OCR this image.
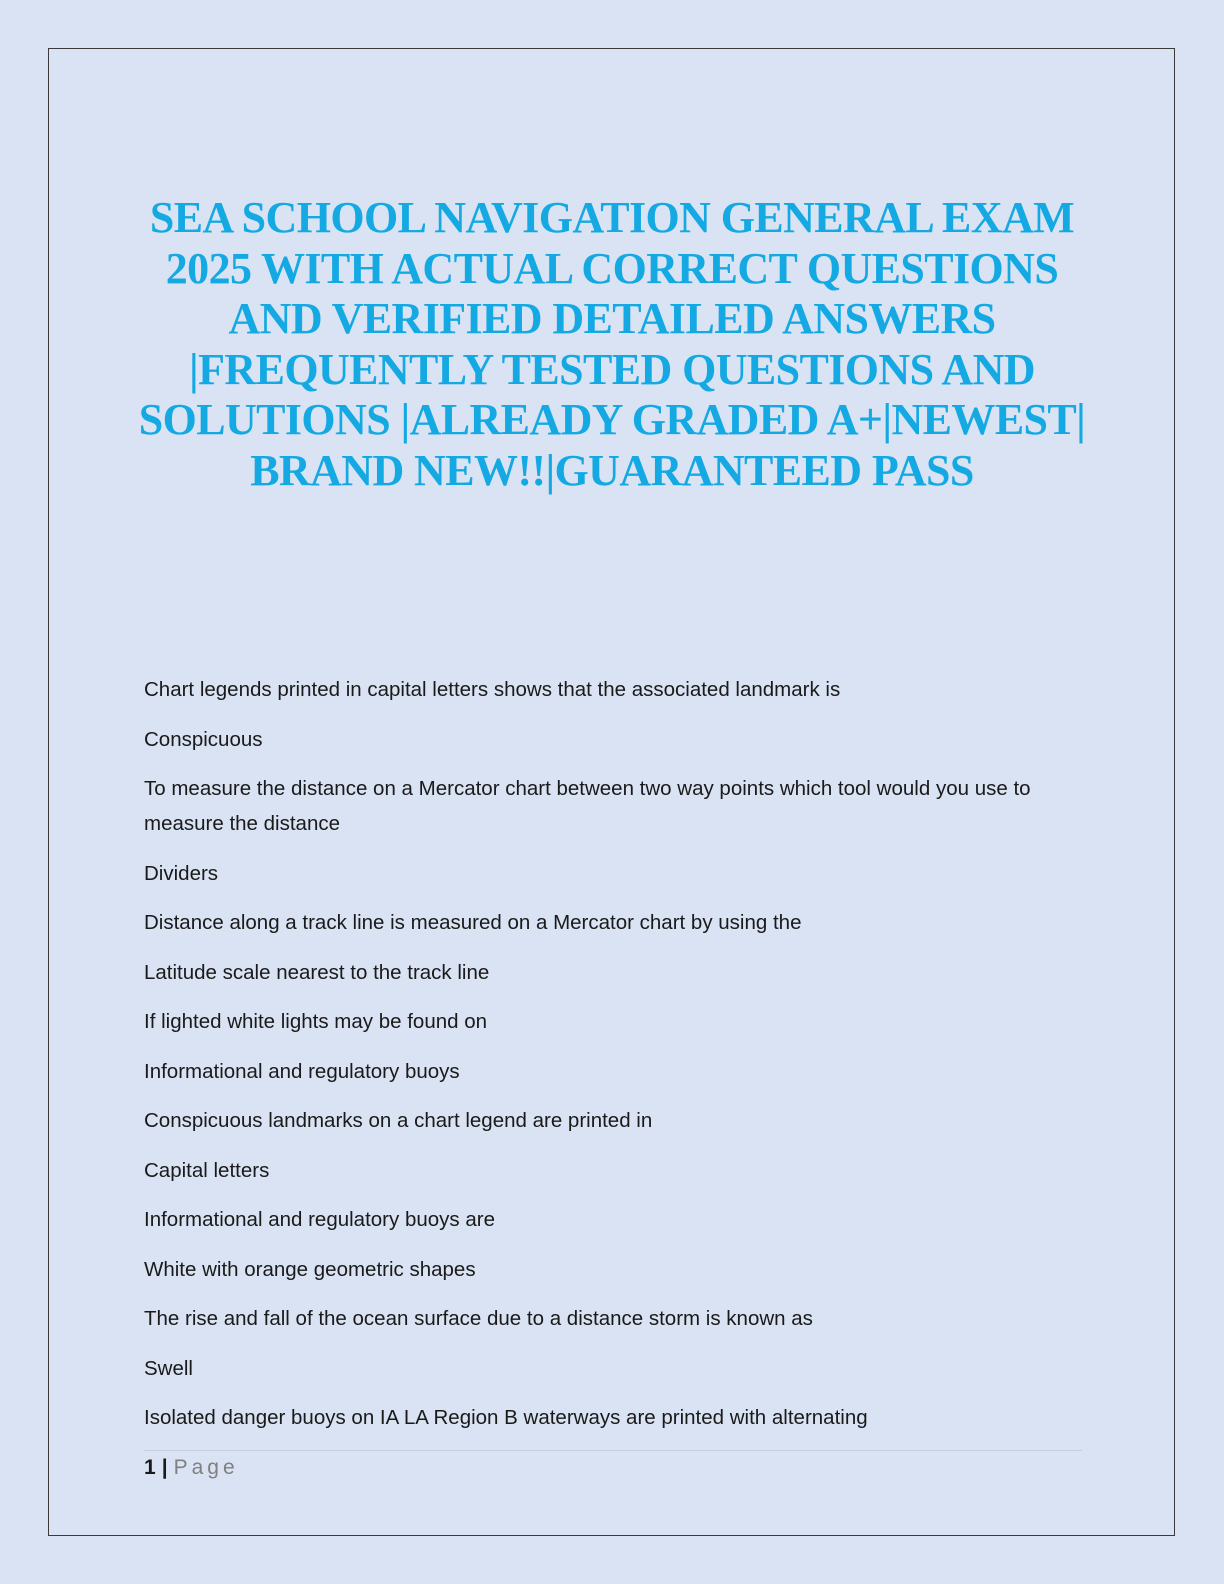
SEA SCHOOL NAVIGATION GENERAL EXAM 2025 WITH ACTUAL CORRECT QUESTIONS AND VERIFIED DETAILED ANSWERS |FREQUENTLY TESTED QUESTIONS AND SOLUTIONS |ALREADY GRADED A+|NEWEST| BRAND NEW!!|GUARANTEED PASS
Chart legends printed in capital letters shows that the associated landmark is
Conspicuous
To measure the distance on a Mercator chart between two way points which tool would you use to measure the distance
Dividers
Distance along a track line is measured on a Mercator chart by using the
Latitude scale nearest to the track line
If lighted white lights may be found on
Informational and regulatory buoys
Conspicuous landmarks on a chart legend are printed in
Capital letters
Informational and regulatory buoys are
White with orange geometric shapes
The rise and fall of the ocean surface due to a distance storm is known as
Swell
Isolated danger buoys on IA LA Region B waterways are printed with alternating
1 | Page
